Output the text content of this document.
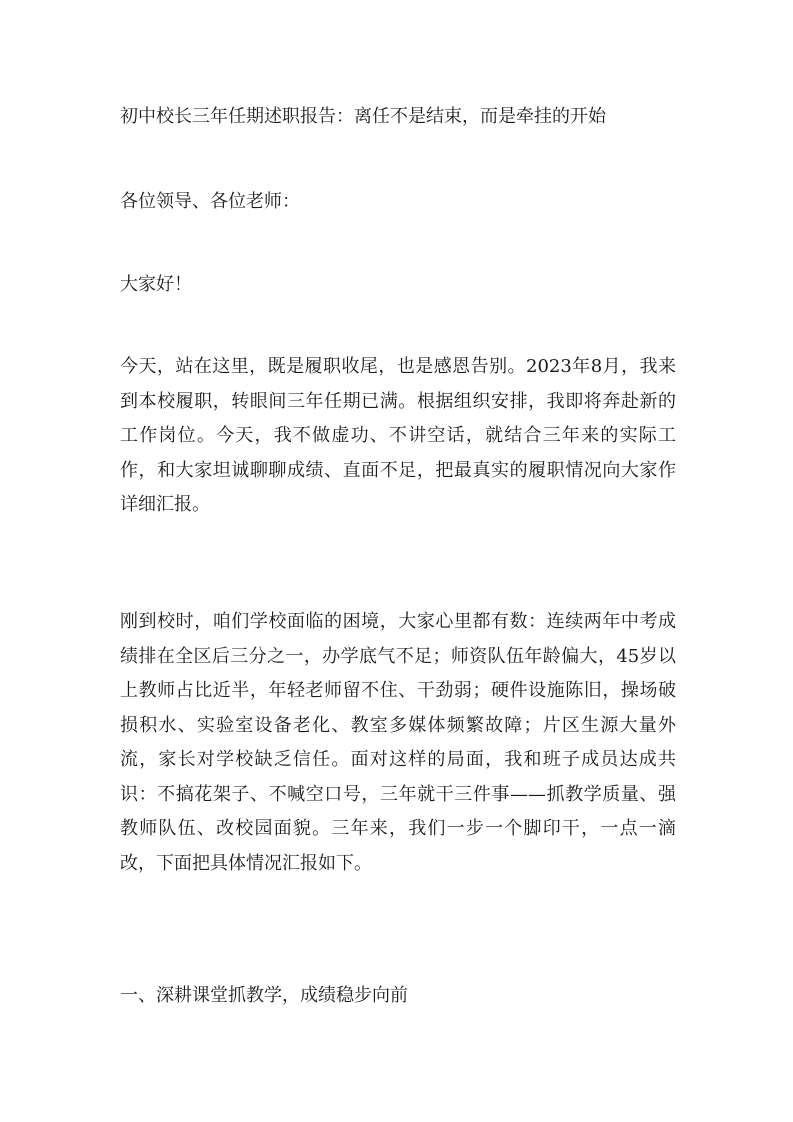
初中校长三年任期述职报告：离任不是结束，而是牵挂的开始
各位领导、各位老师：
大家好！
今天，站在这里，既是履职收尾，也是感恩告别。2023年8月，我来到本校履职，转眼间三年任期已满。根据组织安排，我即将奔赴新的工作岗位。今天，我不做虚功、不讲空话，就结合三年来的实际工作，和大家坦诚聊聊成绩、直面不足，把最真实的履职情况向大家作详细汇报。
刚到校时，咱们学校面临的困境，大家心里都有数：连续两年中考成绩排在全区后三分之一，办学底气不足；师资队伍年龄偏大，45岁以上教师占比近半，年轻老师留不住、干劲弱；硬件设施陈旧，操场破损积水、实验室设备老化、教室多媒体频繁故障；片区生源大量外流，家长对学校缺乏信任。面对这样的局面，我和班子成员达成共识：不搞花架子、不喊空口号，三年就干三件事——抓教学质量、强教师队伍、改校园面貌。三年来，我们一步一个脚印干，一点一滴改，下面把具体情况汇报如下。
一、深耕课堂抓教学，成绩稳步向前
